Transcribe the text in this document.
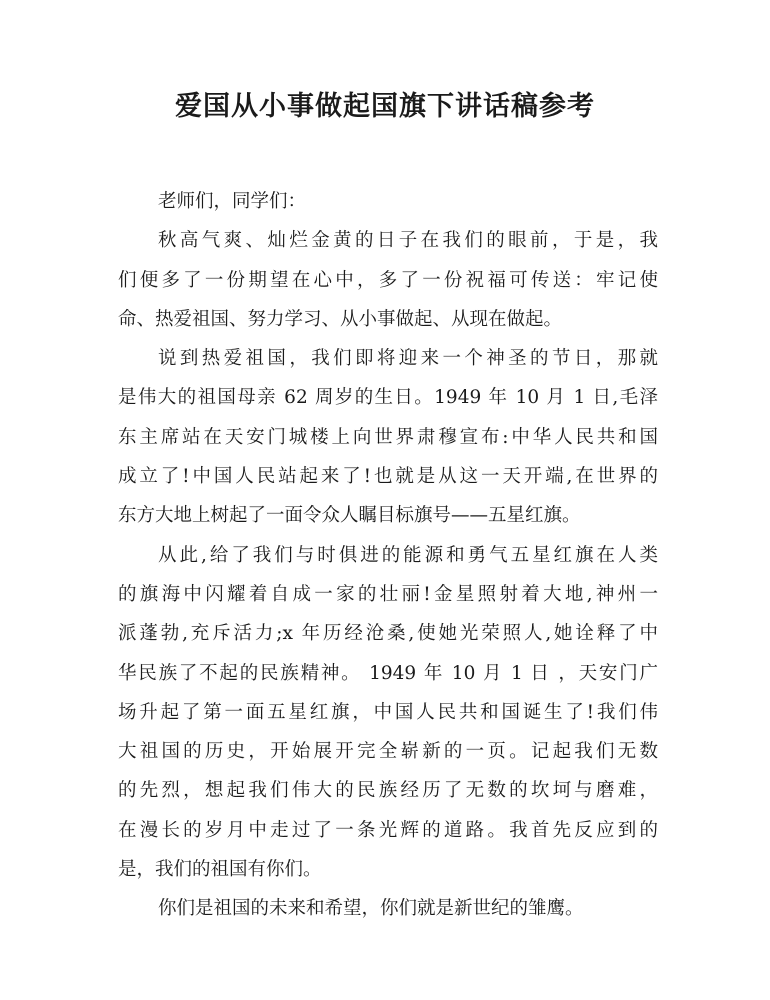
爱国从小事做起国旗下讲话稿参考
老师们，同学们：
秋高气爽、灿烂金黄的日子在我们的眼前，于是，我
们便多了一份期望在心中，多了一份祝福可传送：牢记使
命、热爱祖国、努力学习、从小事做起、从现在做起。
说到热爱祖国，我们即将迎来一个神圣的节日，那就
是伟大的祖国母亲 62 周岁的生日。1949 年 10 月 1 日,毛泽
东主席站在天安门城楼上向世界肃穆宣布:中华人民共和国
成立了!中国人民站起来了!也就是从这一天开端,在世界的
东方大地上树起了一面令众人瞩目标旗号——五星红旗。
从此,给了我们与时俱进的能源和勇气五星红旗在人类
的旗海中闪耀着自成一家的壮丽!金星照射着大地,神州一
派蓬勃,充斥活力;x 年历经沧桑,使她光荣照人,她诠释了中
华民族了不起的民族精神。 1949 年 10 月 1 日 ，天安门广
场升起了第一面五星红旗，中国人民共和国诞生了!我们伟
大祖国的历史，开始展开完全崭新的一页。记起我们无数
的先烈，想起我们伟大的民族经历了无数的坎坷与磨难，
在漫长的岁月中走过了一条光辉的道路。我首先反应到的
是，我们的祖国有你们。
你们是祖国的未来和希望，你们就是新世纪的雏鹰。
